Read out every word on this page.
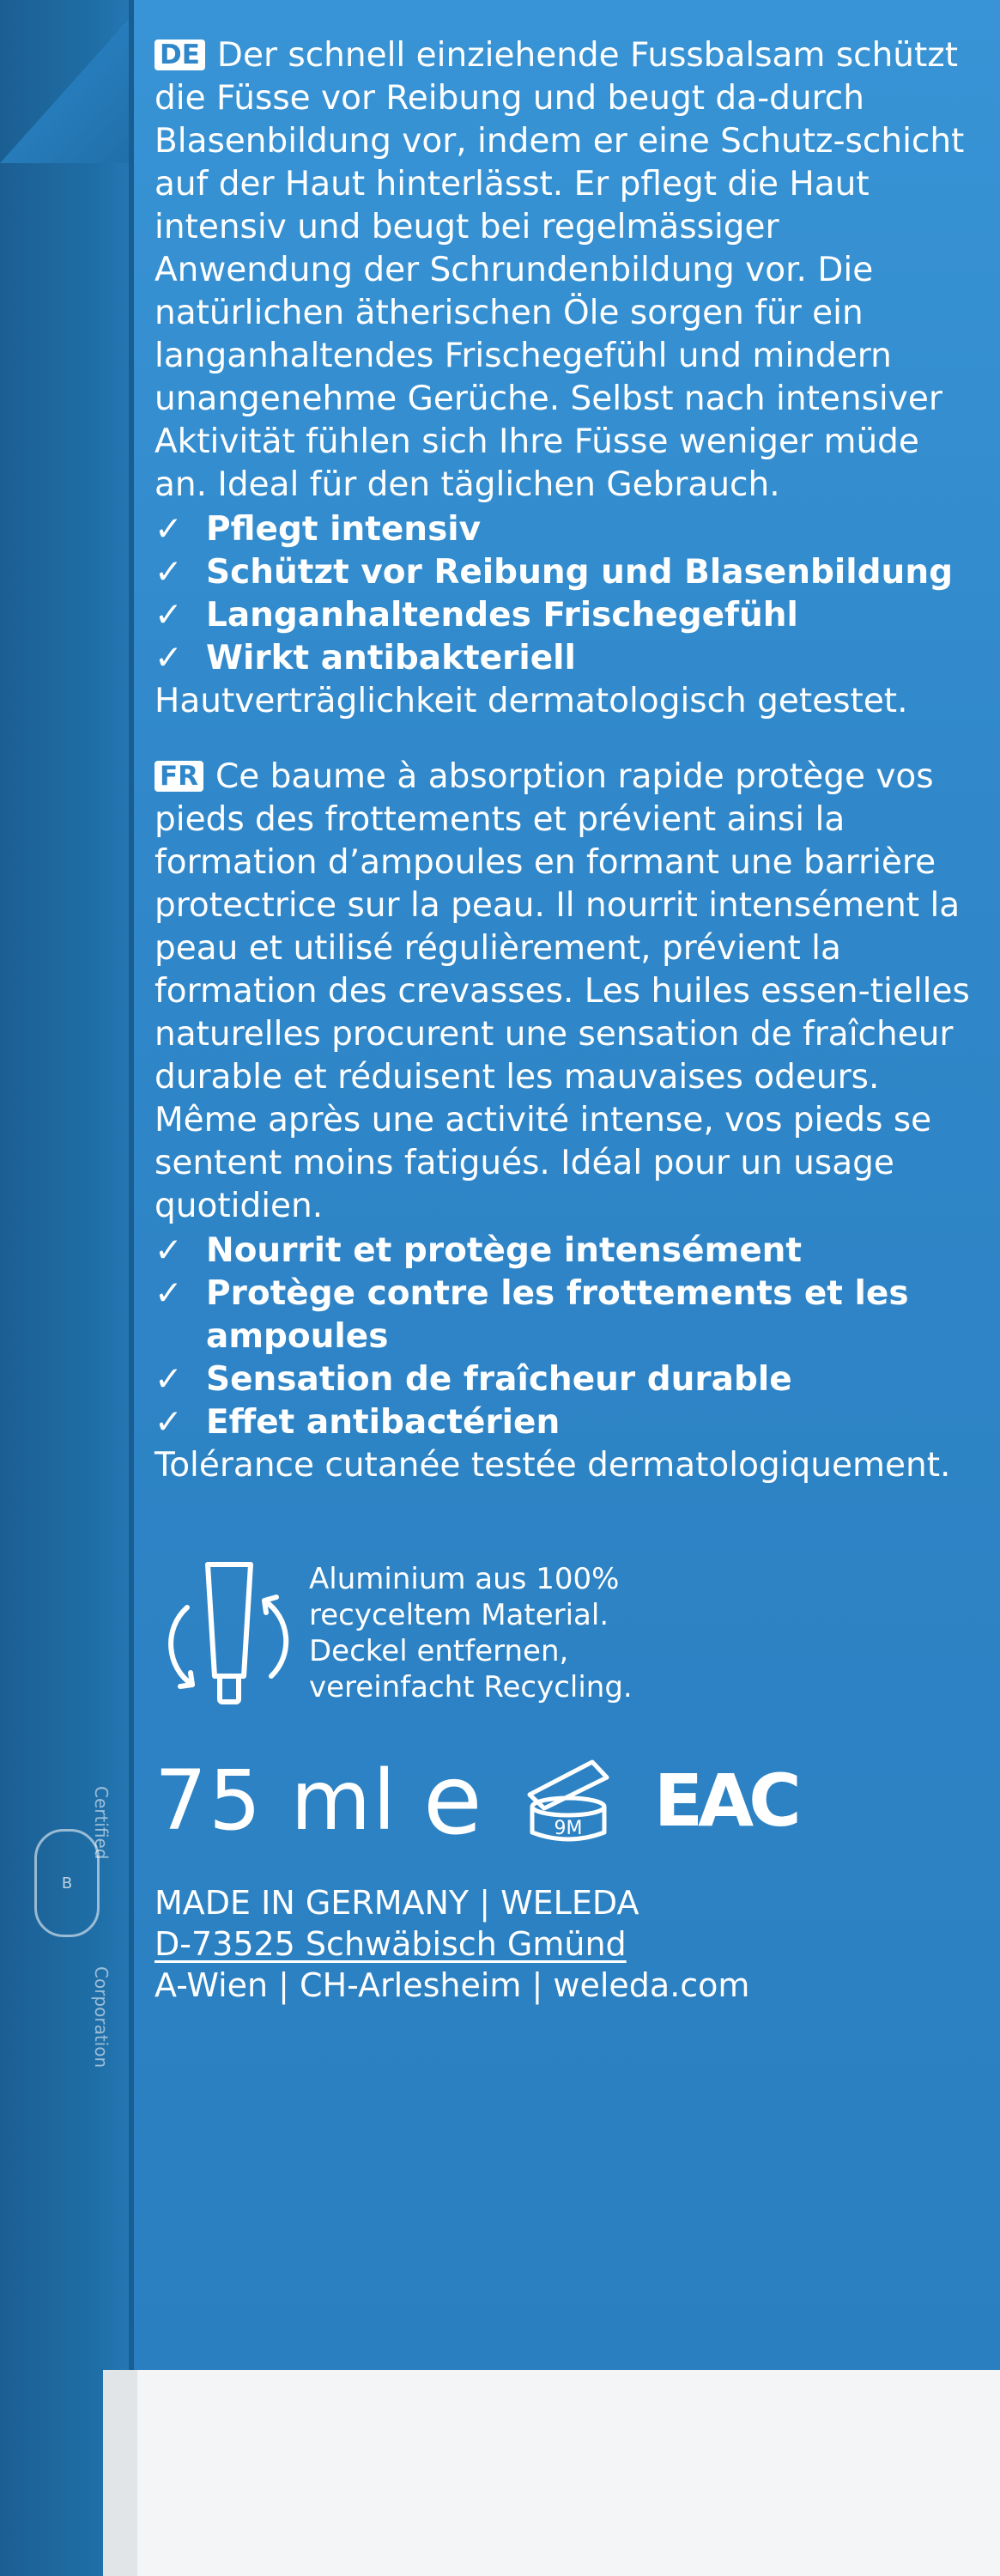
Certified
B
Corporation

DE Der schnell einziehende Fussbalsam schützt die Füsse vor Reibung und beugt da-durch Blasenbildung vor, indem er eine Schutz-schicht auf der Haut hinterlässt. Er pflegt die Haut intensiv und beugt bei regelmässiger Anwendung der Schrundenbildung vor. Die natürlichen ätherischen Öle sorgen für ein langanhaltendes Frischegefühl und mindern unangenehme Gerüche. Selbst nach intensiver Aktivität fühlen sich Ihre Füsse weniger müde an. Ideal für den täglichen Gebrauch.

✓ Pflegt intensiv
✓ Schützt vor Reibung und Blasenbildung
✓ Langanhaltendes Frischegefühl
✓ Wirkt antibakteriell

Hautverträglichkeit dermatologisch getestet.

FR Ce baume à absorption rapide protège vos pieds des frottements et prévient ainsi la formation d’ampoules en formant une barrière protectrice sur la peau. Il nourrit intensément la peau et utilisé régulièrement, prévient la formation des crevasses. Les huiles essen-tielles naturelles procurent une sensation de fraîcheur durable et réduisent les mauvaises odeurs. Même après une activité intense, vos pieds se sentent moins fatigués. Idéal pour un usage quotidien.

✓ Nourrit et protège intensément
✓ Protège contre les frottements et les ampoules
✓ Sensation de fraîcheur durable
✓ Effet antibactérien

Tolérance cutanée testée dermatologiquement.

Aluminium aus 100%
recyceltem Material.
Deckel entfernen,
vereinfacht Recycling.
75 ml e	9M EAC
MADE IN GERMANY | WELEDA
D-73525 Schwäbisch Gmünd
A-Wien | CH-Arlesheim | weleda.com
